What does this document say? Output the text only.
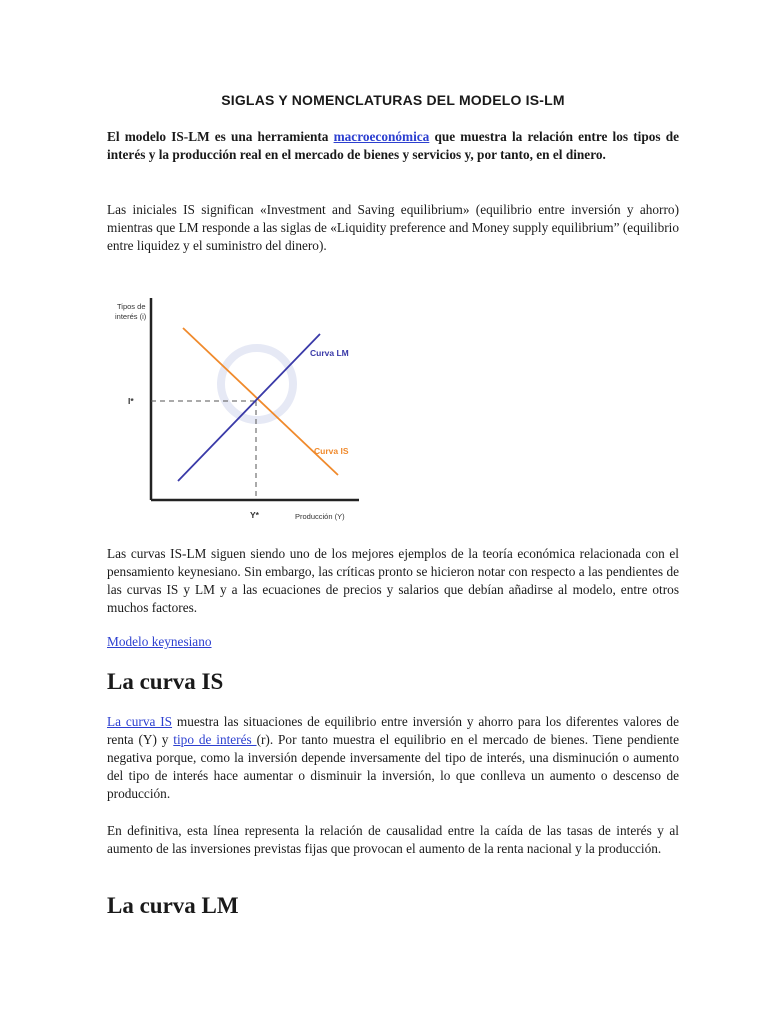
SIGLAS Y NOMENCLATURAS DEL MODELO IS-LM

El modelo IS-LM es una herramienta macroeconómica que muestra la relación entre los tipos de interés y la producción real en el mercado de bienes y servicios y, por tanto, en el dinero.

Las iniciales IS significan «Investment and Saving equilibrium» (equilibrio entre inversión y ahorro) mientras que LM responde a las siglas de «Liquidity preference and Money supply equilibrium” (equilibrio entre liquidez y el suministro del dinero).

Las curvas IS-LM siguen siendo uno de los mejores ejemplos de la teoría económica relacionada con el pensamiento keynesiano. Sin embargo, las críticas pronto se hicieron notar con respecto a las pendientes de las curvas IS y LM y a las ecuaciones de precios y salarios que debían añadirse al modelo, entre otros muchos factores.

Modelo keynesiano

La curva IS

La curva IS muestra las situaciones de equilibrio entre inversión y ahorro para los diferentes valores de renta (Y) y tipo de interés (r). Por tanto muestra el equilibrio en el mercado de bienes. Tiene pendiente negativa porque, como la inversión depende inversamente del tipo de interés, una disminución o aumento del tipo de interés hace aumentar o disminuir la inversión, lo que conlleva un aumento o descenso de producción.

En definitiva, esta línea representa la relación de causalidad entre la caída de las tasas de interés y al aumento de las inversiones previstas fijas que provocan el aumento de la renta nacional y la producción.

La curva LM
Tipos de
interés (i)
Producción (Y)
Curva LM
Curva IS
I*
Y*
